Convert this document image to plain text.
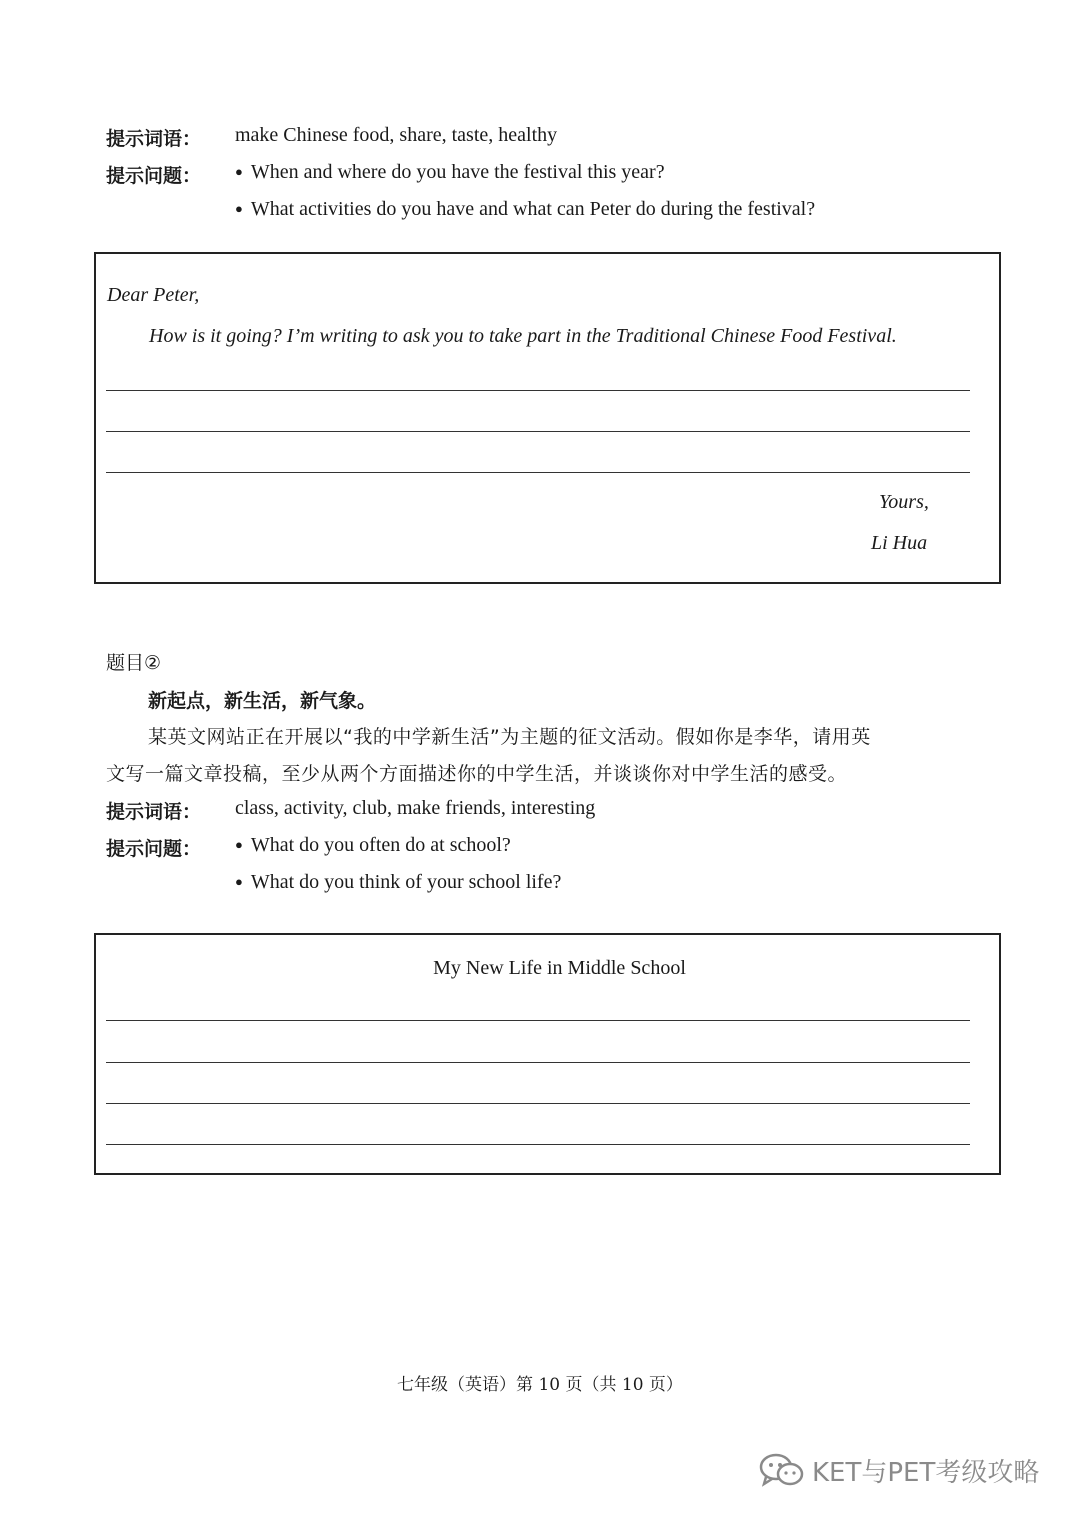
提示词语： make Chinese food, share, taste, healthy
提示问题：	● When and where do you have the festival this year?
● What activities do you have and what can Peter do during the festival?
Dear Peter,
How is it going? I’m writing to ask you to take part in the Traditional Chinese Food Festival.
Yours,
Li Hua
题目②
新起点，新生活，新气象。
某英文网站正在开展以“我的中学新生活”为主题的征文活动。假如你是李华，请用英
文写一篇文章投稿，至少从两个方面描述你的中学生活，并谈谈你对中学生活的感受。
提示词语： class, activity, club, make friends, interesting
提示问题：	● What do you often do at school?
● What do you think of your school life?
My New Life in Middle School
七年级（英语）第 10 页（共 10 页）
KET与PET考级攻略
